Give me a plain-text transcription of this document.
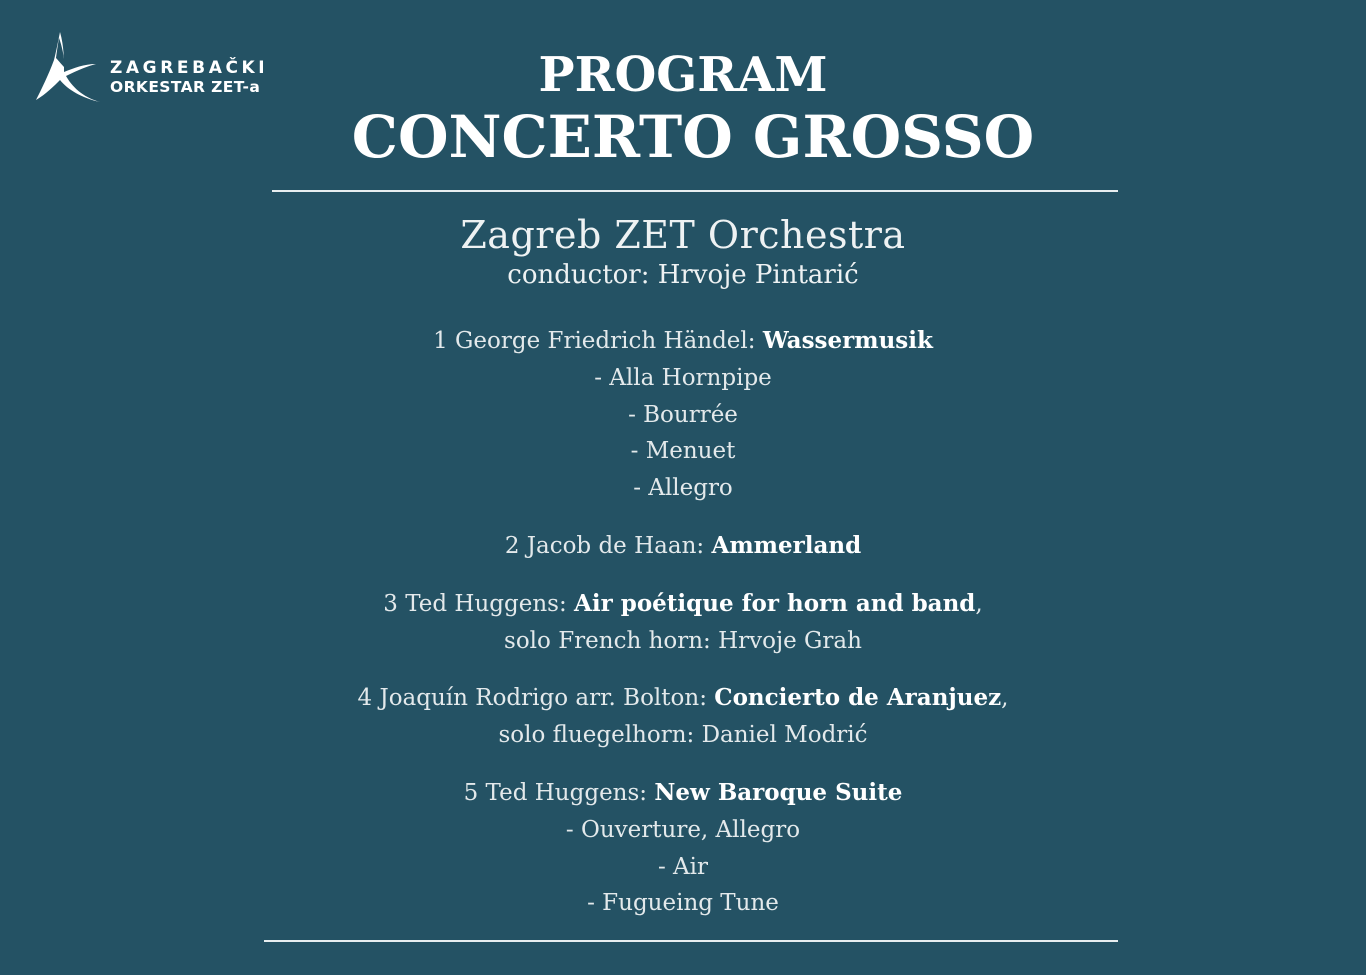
ZAGREBAČKI
ORKESTAR ZET-a	PROGRAM
CONCERTO GROSSO
Zagreb ZET Orchestra
conductor: Hrvoje Pintarić
1 George Friedrich Händel: Wassermusik
- Alla Hornpipe
- Bourrée
- Menuet
- Allegro
2 Jacob de Haan: Ammerland
3 Ted Huggens: Air poétique for horn and band,
solo French horn: Hrvoje Grah
4 Joaquín Rodrigo arr. Bolton: Concierto de Aranjuez,
solo fluegelhorn: Daniel Modrić
5 Ted Huggens: New Baroque Suite
- Ouverture, Allegro
- Air
- Fugueing Tune
